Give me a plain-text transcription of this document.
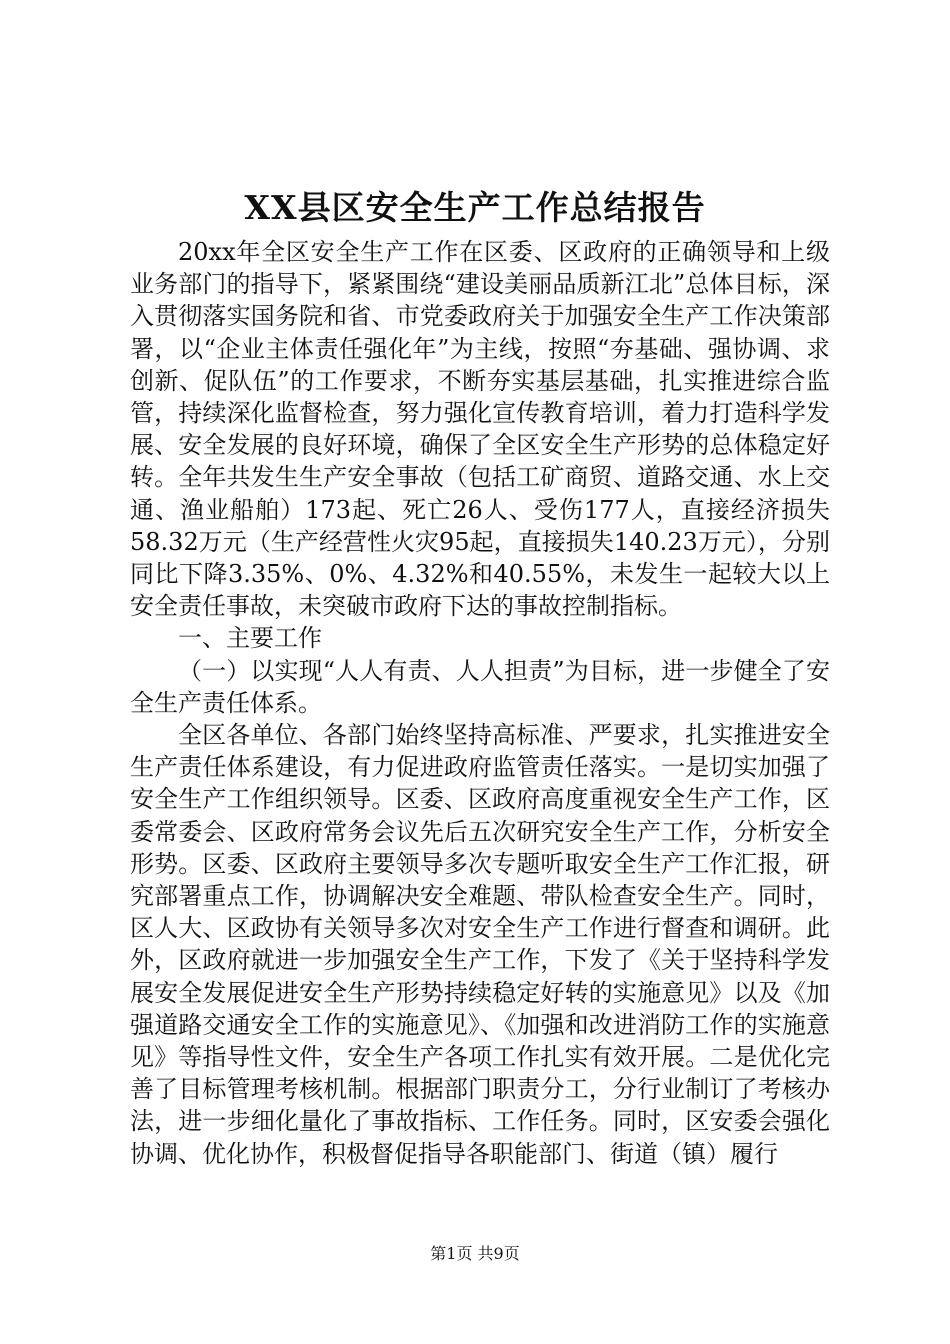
XX县区安全生产工作总结报告

20xx年全区安全生产工作在区委、区政府的正确领导和上级业务部门的指导下，紧紧围绕“建设美丽品质新江北”总体目标，深入贯彻落实国务院和省、市党委政府关于加强安全生产工作决策部署，以“企业主体责任强化年”为主线，按照“夯基础、强协调、求创新、促队伍”的工作要求，不断夯实基层基础，扎实推进综合监管，持续深化监督检查，努力强化宣传教育培训，着力打造科学发展、安全发展的良好环境，确保了全区安全生产形势的总体稳定好转。全年共发生生产安全事故（包括工矿商贸、道路交通、水上交通、渔业船舶）173起、死亡26人、受伤177人，直接经济损失58.32万元（生产经营性火灾95起，直接损失140.23万元），分别同比下降3.35%、0%、4.32%和40.55%，未发生一起较大以上安全责任事故，未突破市政府下达的事故控制指标。

一、主要工作

（一）以实现“人人有责、人人担责”为目标，进一步健全了安全生产责任体系。

全区各单位、各部门始终坚持高标准、严要求，扎实推进安全生产责任体系建设，有力促进政府监管责任落实。一是切实加强了安全生产工作组织领导。区委、区政府高度重视安全生产工作，区委常委会、区政府常务会议先后五次研究安全生产工作，分析安全形势。区委、区政府主要领导多次专题听取安全生产工作汇报，研究部署重点工作，协调解决安全难题、带队检查安全生产。同时，区人大、区政协有关领导多次对安全生产工作进行督查和调研。此外，区政府就进一步加强安全生产工作，下发了《关于坚持科学发展安全发展促进安全生产形势持续稳定好转的实施意见》以及《加强道路交通安全工作的实施意见》、《加强和改进消防工作的实施意见》等指导性文件，安全生产各项工作扎实有效开展。二是优化完善了目标管理考核机制。根据部门职责分工，分行业制订了考核办法，进一步细化量化了事故指标、工作任务。同时，区安委会强化协调、优化协作，积极督促指导各职能部门、街道（镇）履行

第1页 共9页
